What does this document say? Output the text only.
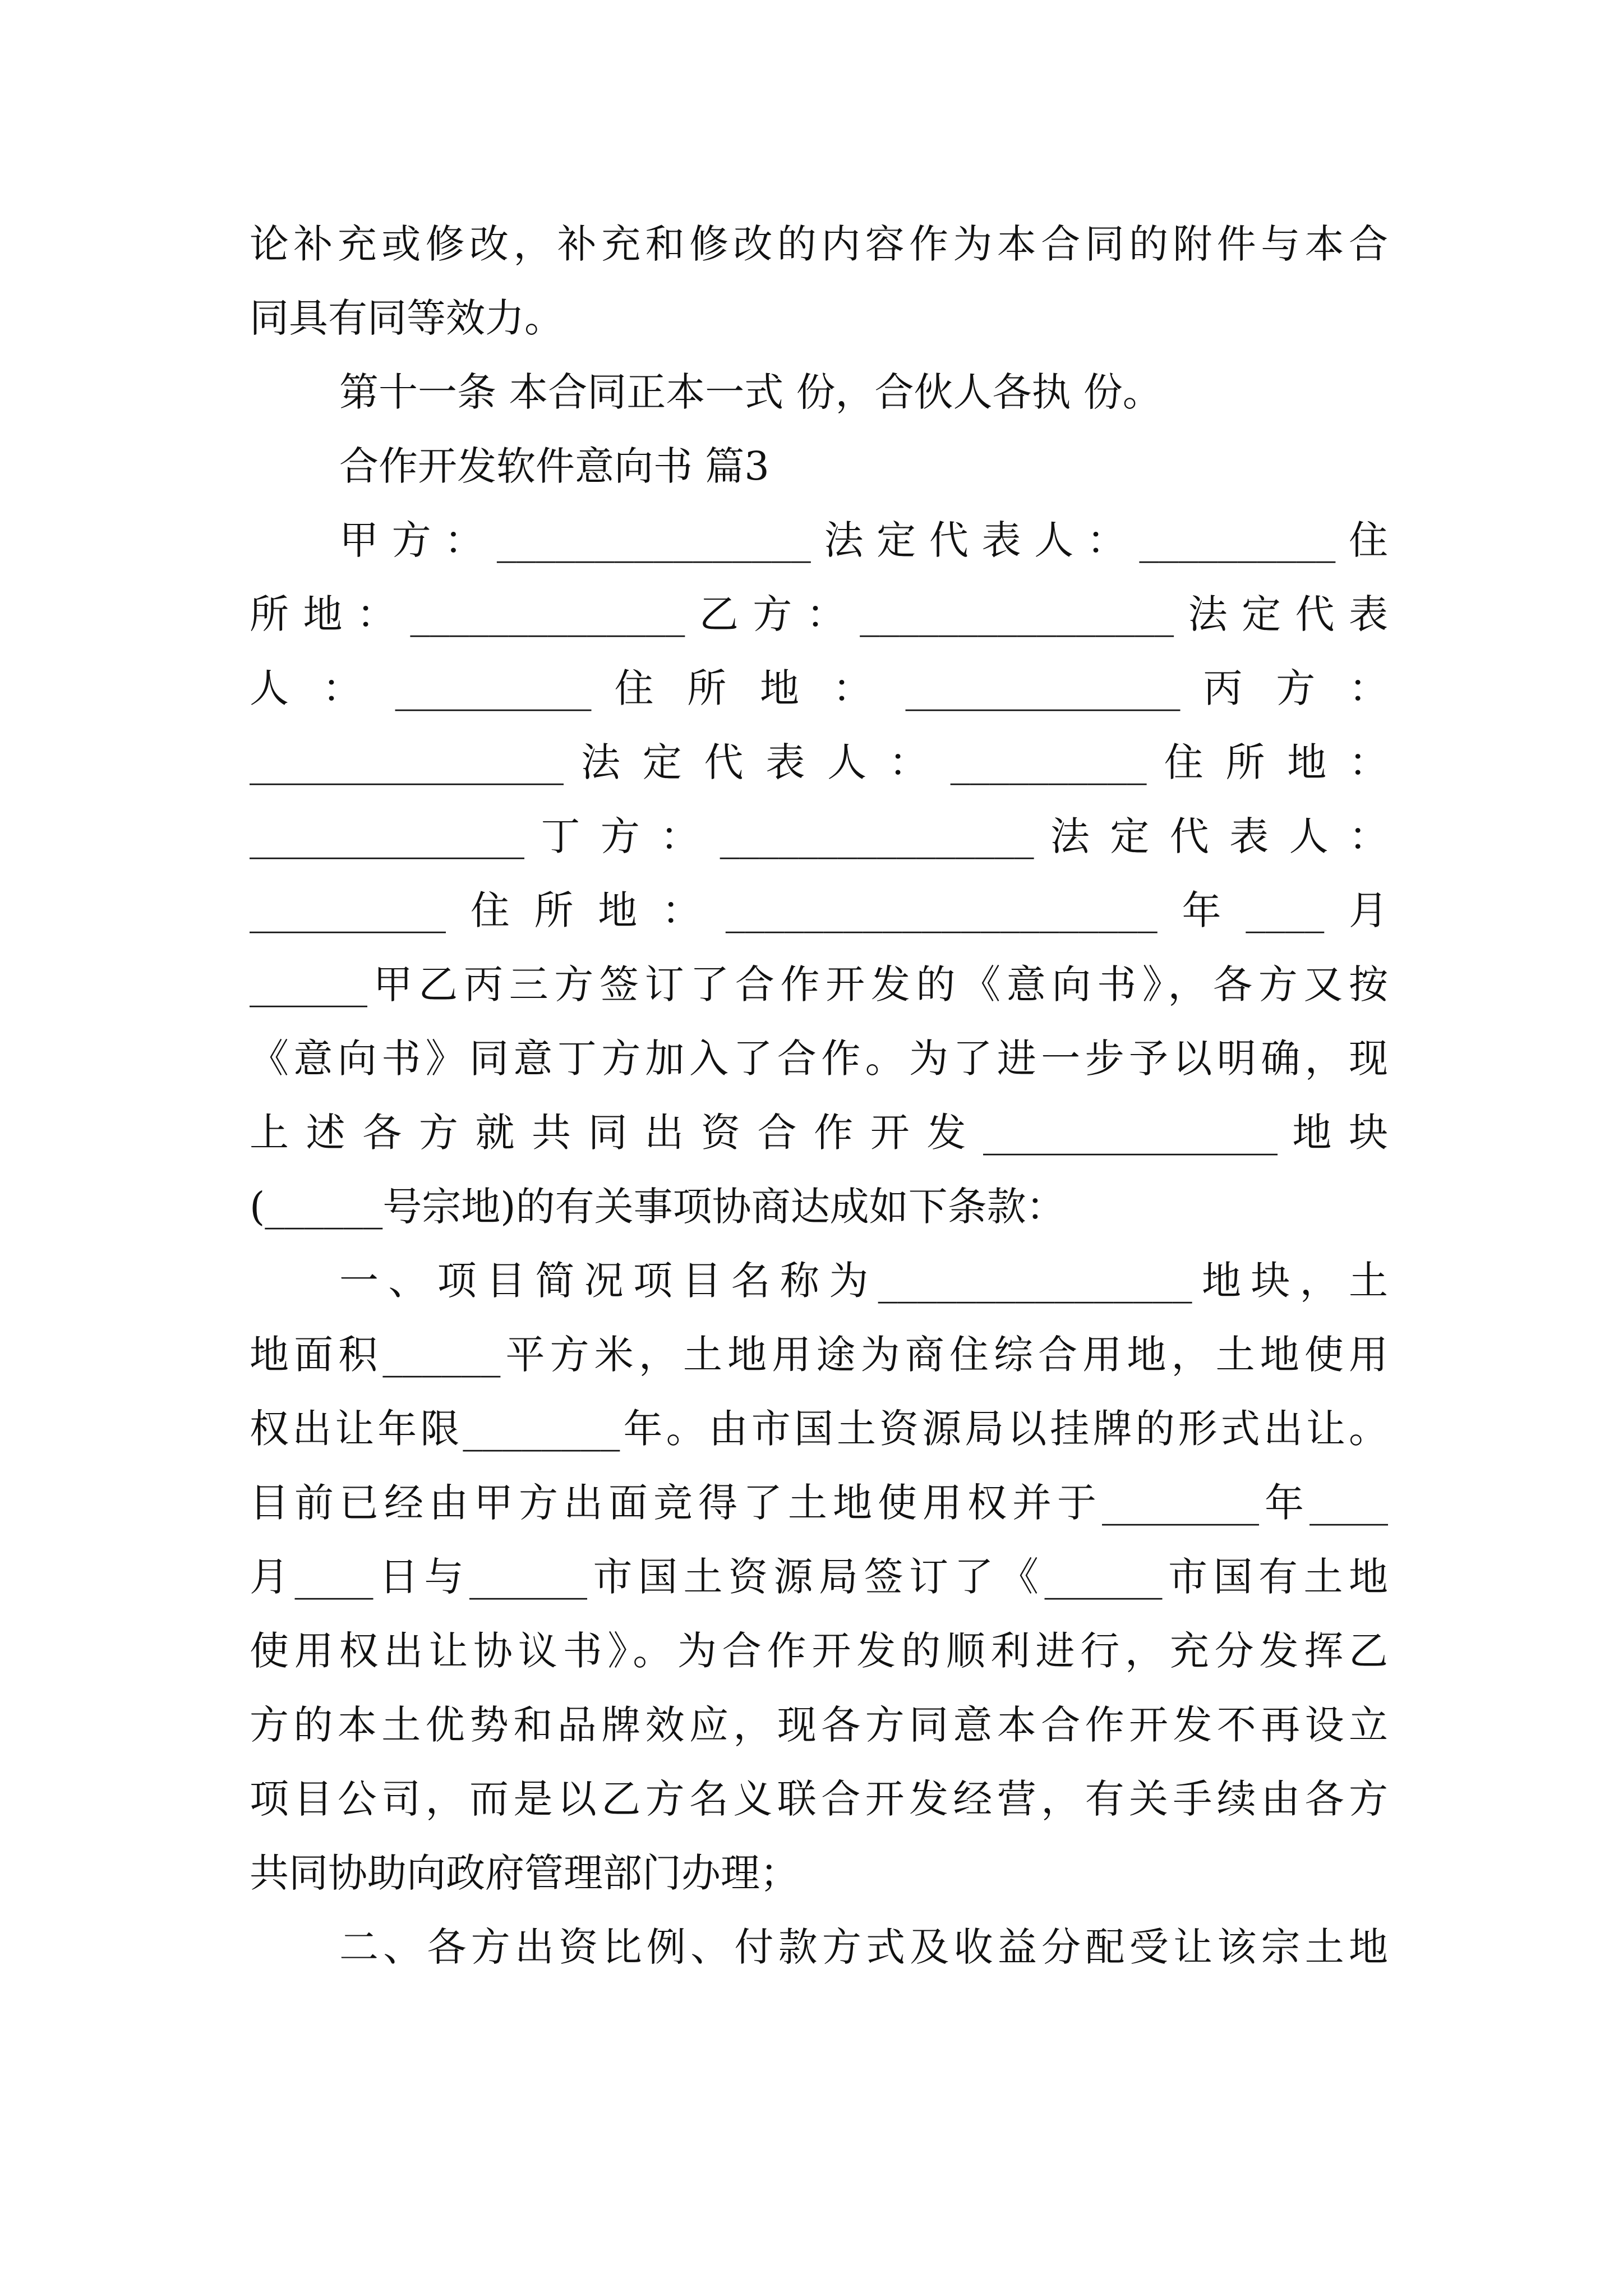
论补充或修改，补充和修改的内容作为本合同的附件与本合
同具有同等效力。
第十一条 本合同正本一式 份，合伙人各执 份。
合作开发软件意向书 篇3
甲方：________________法定代表人：__________住
所地：______________乙方：________________法定代表
人 ： __________ 住 所 地 ： ______________ 丙 方 ：
________________ 法 定 代 表 人 ： __________ 住 所 地 ：
______________ 丁 方 ： ________________ 法 定 代 表 人 ：
__________住所地：______________________年____月
______甲乙丙三方签订了合作开发的《意向书》，各方又按
《意向书》同意丁方加入了合作。为了进一步予以明确，现
上 述 各 方 就 共 同 出 资 合 作 开 发 _______________ 地 块
(______号宗地)的有关事项协商达成如下条款：
一、项目简况项目名称为________________地块，土
地面积______平方米，土地用途为商住综合用地，土地使用
权出让年限________年。由市国土资源局以挂牌的形式出让。
目前已经由甲方出面竞得了土地使用权并于________年____
月____日与______市国土资源局签订了《______市国有土地
使用权出让协议书》。为合作开发的顺利进行，充分发挥乙
方的本土优势和品牌效应，现各方同意本合作开发不再设立
项目公司，而是以乙方名义联合开发经营，有关手续由各方
共同协助向政府管理部门办理；
二、各方出资比例、付款方式及收益分配受让该宗土地
